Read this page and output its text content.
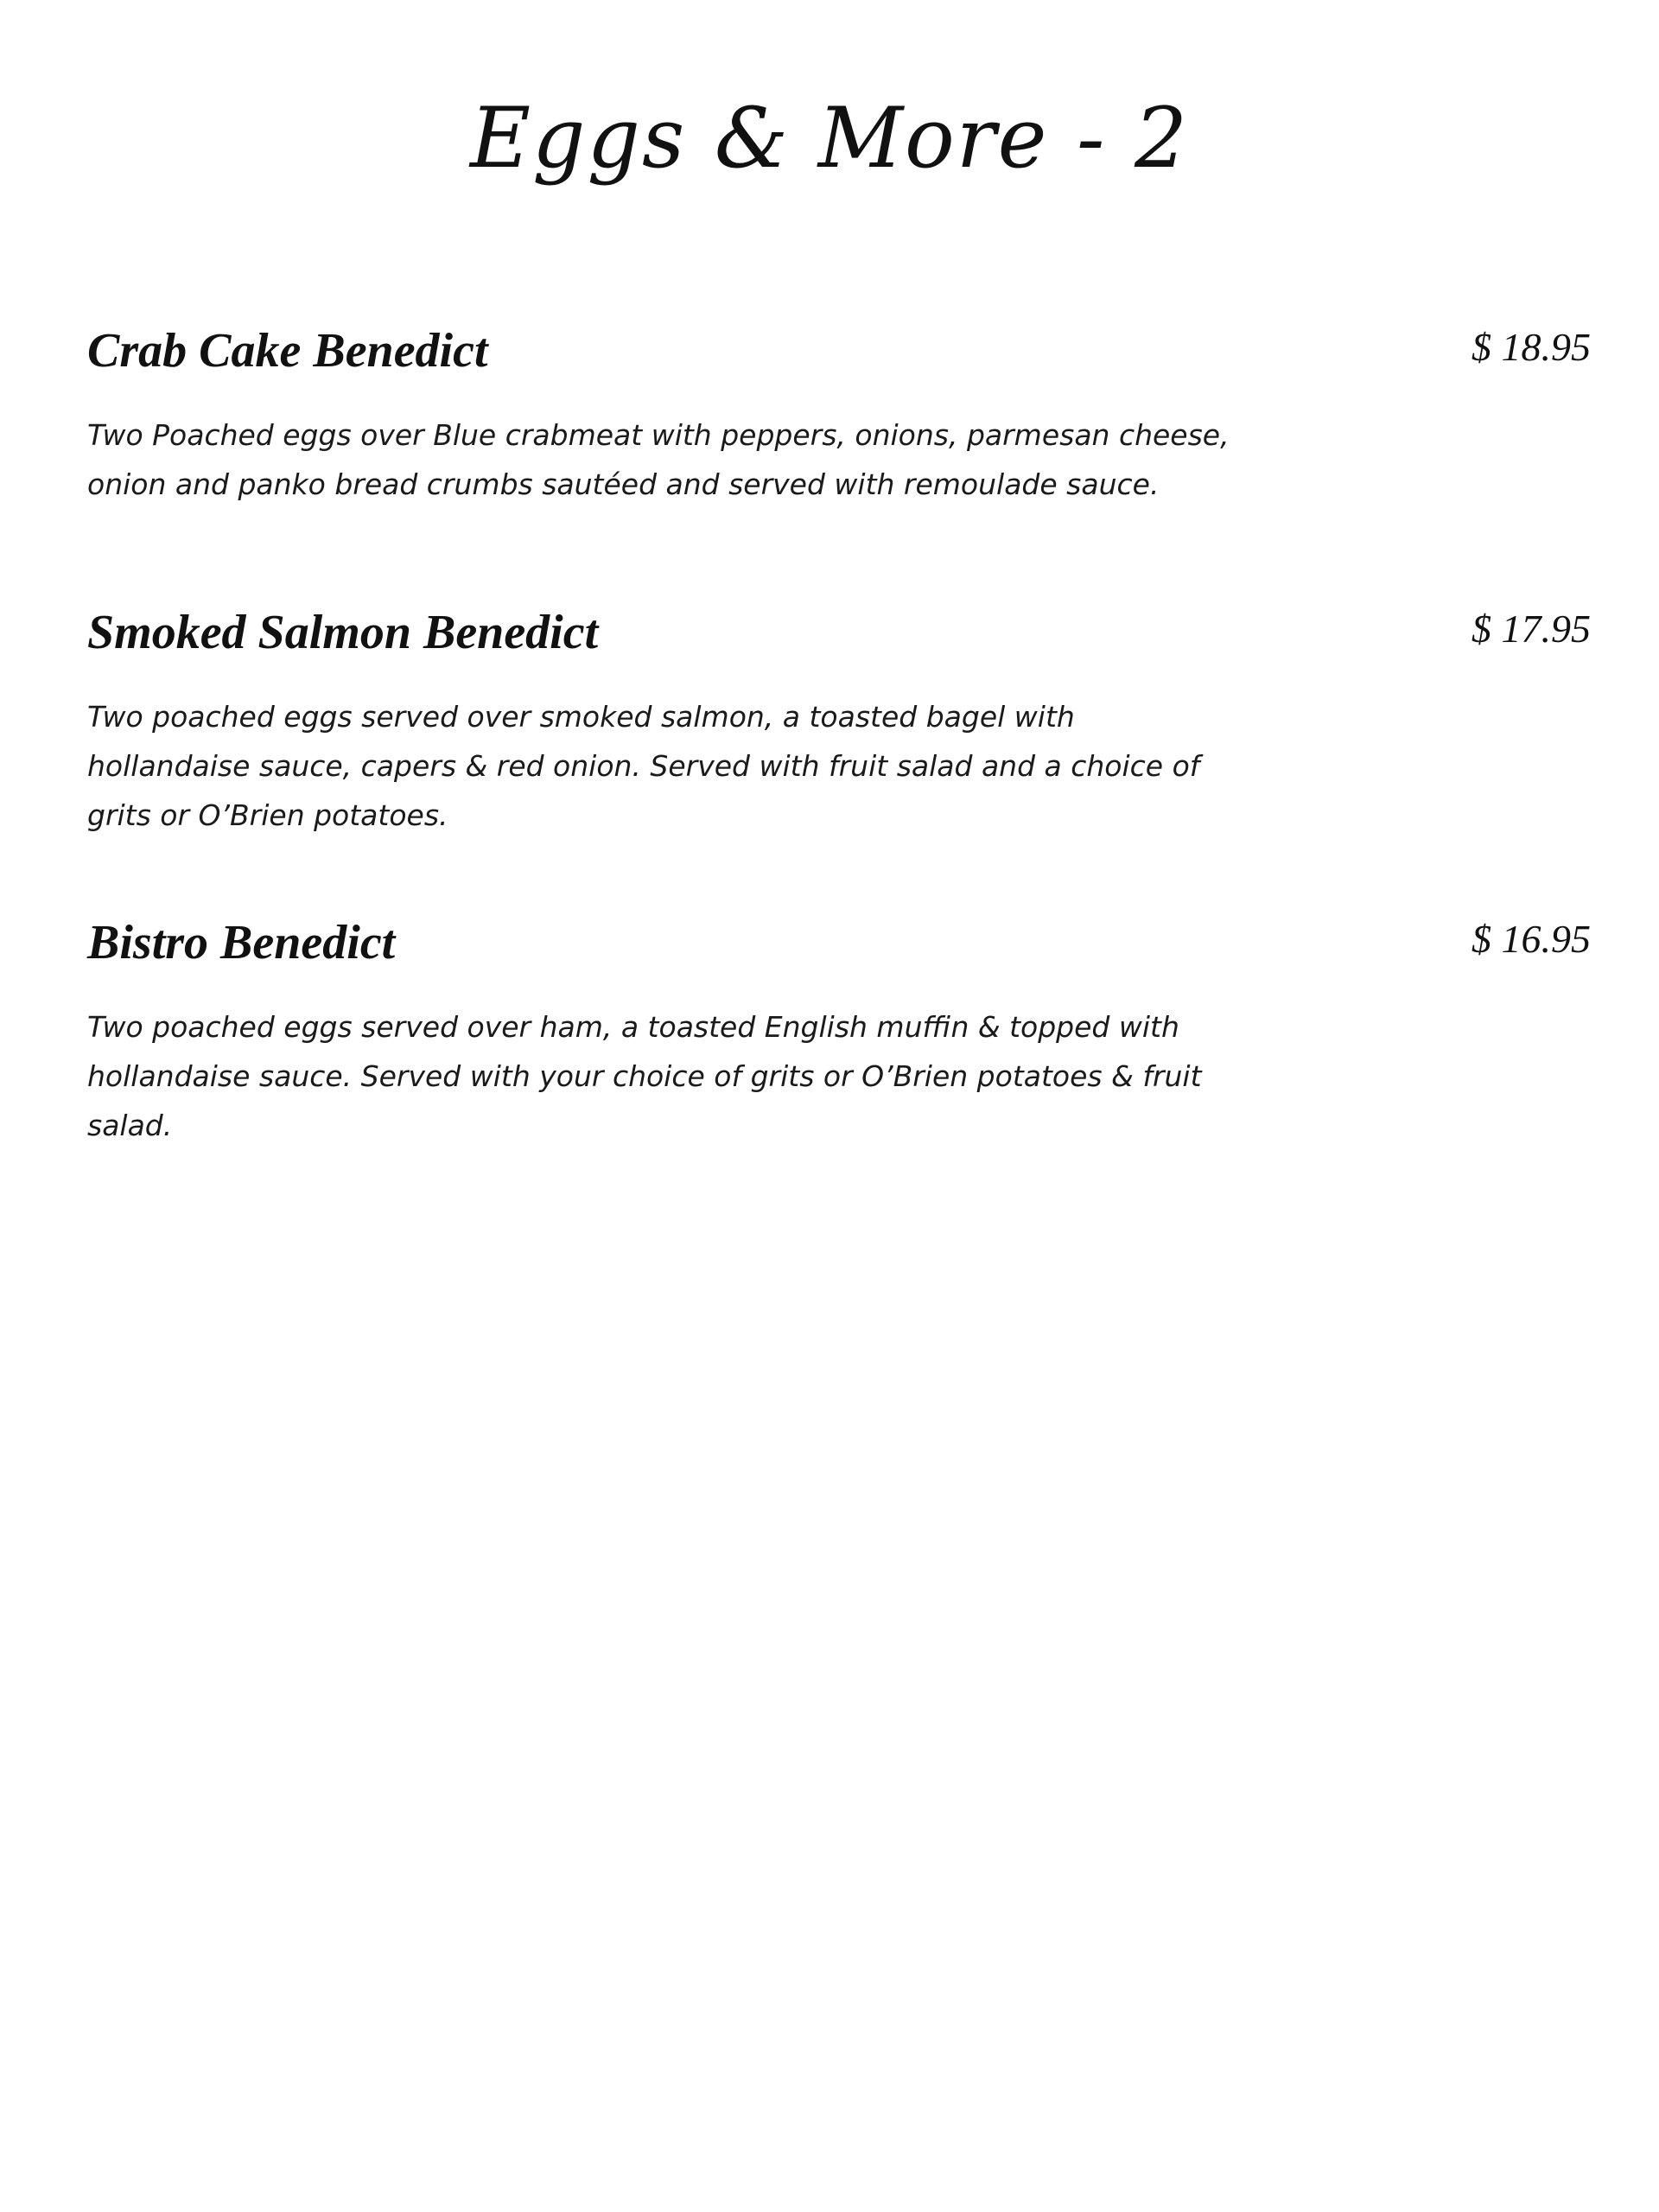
Eggs & More - 2
Crab Cake Benedict	$ 18.95

Two Poached eggs over Blue crabmeat with peppers, onions, parmesan cheese, onion and panko bread crumbs sautéed and served with remoulade sauce.

Smoked Salmon Benedict	$ 17.95

Two poached eggs served over smoked salmon, a toasted bagel with hollandaise sauce, capers & red onion. Served with fruit salad and a choice of grits or O’Brien potatoes.

Bistro Benedict	$ 16.95

Two poached eggs served over ham, a toasted English muffin & topped with hollandaise sauce. Served with your choice of grits or O’Brien potatoes & fruit salad.
